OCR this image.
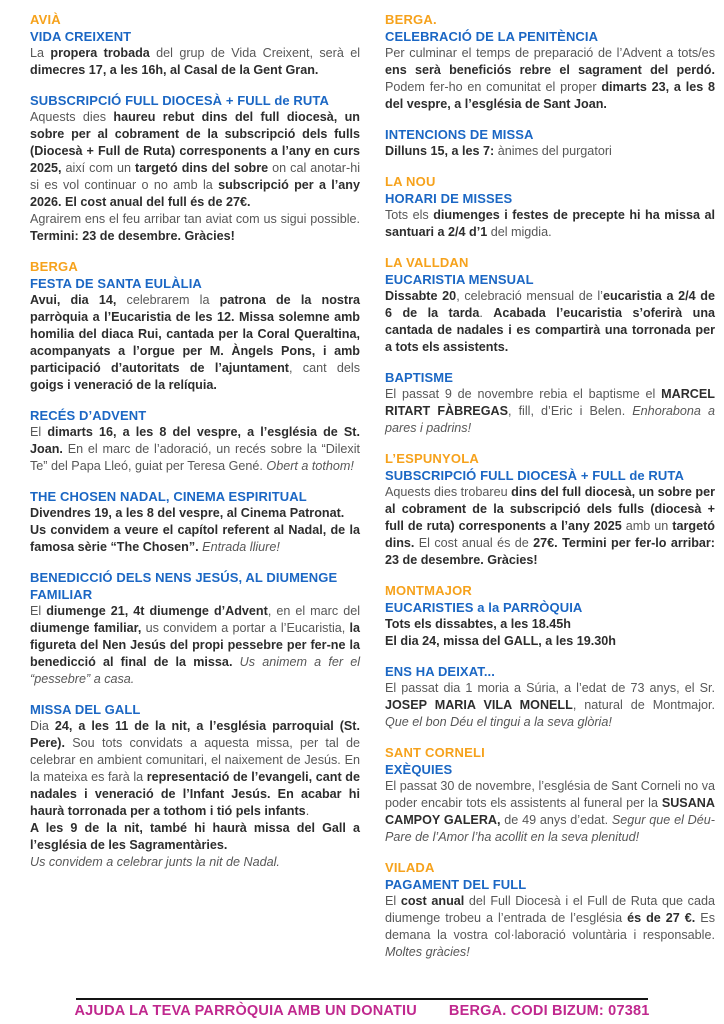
AVIÀ
VIDA CREIXENT

La propera trobada del grup de Vida Creixent, serà el dimecres 17, a les 16h, al Casal de la Gent Gran.

SUBSCRIPCIÓ FULL DIOCESÀ + FULL de RUTA

Aquests dies haureu rebut dins del full diocesà, un sobre per al cobrament de la subscripció dels fulls (Diocesà + Full de Ruta) corresponents a l’any en curs 2025, així com un targetó dins del sobre on cal anotar-hi si es vol continuar o no amb la subscripció per a l’any 2026. El cost anual del full és de 27€.

Agrairem ens el feu arribar tan aviat com us sigui possible. Termini: 23 de desembre. Gràcies!

BERGA
FESTA DE SANTA EULÀLIA

Avui, dia 14, celebrarem la patrona de la nostra parròquia a l’Eucaristia de les 12. Missa solemne amb homilia del diaca Rui, cantada per la Coral Queraltina, acompanyats a l’orgue per M. Àngels Pons, i amb participació d’autoritats de l’ajuntament, cant dels goigs i veneració de la relíquia.

RECÉS D’ADVENT

El dimarts 16, a les 8 del vespre, a l’església de St. Joan. En el marc de l’adoració, un recés sobre la “Dilexit Te” del Papa Lleó, guiat per Teresa Gené. Obert a tothom!

THE CHOSEN NADAL, CINEMA ESPIRITUAL

Divendres 19, a les 8 del vespre, al Cinema Patronat.

Us convidem a veure el capítol referent al Nadal, de la famosa sèrie “The Chosen”. Entrada lliure!

BENEDICCIÓ DELS NENS JESÚS, AL DIUMENGE FAMILIAR

El diumenge 21, 4t diumenge d’Advent, en el marc del diumenge familiar, us convidem a portar a l’Eucaristia, la figureta del Nen Jesús del propi pessebre per fer-ne la benedicció al final de la missa. Us animem a fer el “pessebre” a casa.

MISSA DEL GALL

Dia 24, a les 11 de la nit, a l’església parroquial (St. Pere). Sou tots convidats a aquesta missa, per tal de celebrar en ambient comunitari, el naixement de Jesús. En la mateixa es farà la representació de l’evangeli, cant de nadales i veneració de l’Infant Jesús. En acabar hi haurà torronada per a tothom i tió pels infants.

A les 9 de la nit, també hi haurà missa del Gall a l’església de les Sagramentàries.

Us convidem a celebrar junts la nit de Nadal.

BERGA.
CELEBRACIÓ DE LA PENITÈNCIA

Per culminar el temps de preparació de l’Advent a tots/es ens serà beneficiós rebre el sagrament del perdó. Podem fer-ho en comunitat el proper dimarts 23, a les 8 del vespre, a l’església de Sant Joan.

INTENCIONS DE MISSA

Dilluns 15, a les 7: ànimes del purgatori

LA NOU
HORARI DE MISSES

Tots els diumenges i festes de precepte hi ha missa al santuari a 2/4 d’1 del migdia.

LA VALLDAN
EUCARISTIA MENSUAL

Dissabte 20, celebració mensual de l’eucaristia a 2/4 de 6 de la tarda. Acabada l’eucaristia s’oferirà una cantada de nadales i es compartirà una torronada per a tots els assistents.

BAPTISME

El passat 9 de novembre rebia el baptisme el MARCEL RITART FÀBREGAS, fill, d’Eric i Belen. Enhorabona a pares i padrins!

L’ESPUNYOLA
SUBSCRIPCIÓ FULL DIOCESÀ + FULL de RUTA

Aquests dies trobareu dins del full diocesà, un sobre per al cobrament de la subscripció dels fulls (diocesà + full de ruta) corresponents a l’any 2025 amb un targetó dins. El cost anual és de 27€. Termini per fer-lo arribar: 23 de desembre. Gràcies!

MONTMAJOR
EUCARISTIES a la PARRÒQUIA

Tots els dissabtes, a les 18.45h

El dia 24, missa del GALL, a les 19.30h

ENS HA DEIXAT...

El passat dia 1 moria a Súria, a l’edat de 73 anys, el Sr. JOSEP MARIA VILA MONELL, natural de Montmajor. Que el bon Déu el tingui a la seva glòria!

SANT CORNELI
EXÈQUIES

El passat 30 de novembre, l’església de Sant Corneli no va poder encabir tots els assistents al funeral per la SUSANA CAMPOY GALERA, de 49 anys d’edat. Segur que el Déu-Pare de l’Amor l’ha acollit en la seva plenitud!

VILADA
PAGAMENT DEL FULL

El cost anual del Full Diocesà i el Full de Ruta que cada diumenge trobeu a l’entrada de l’església és de 27 €. Es demana la vostra col·laboració voluntària i responsable. Moltes gràcies!

AJUDA LA TEVA PARRÒQUIA AMB UN DONATIU BERGA. CODI BIZUM: 07381
